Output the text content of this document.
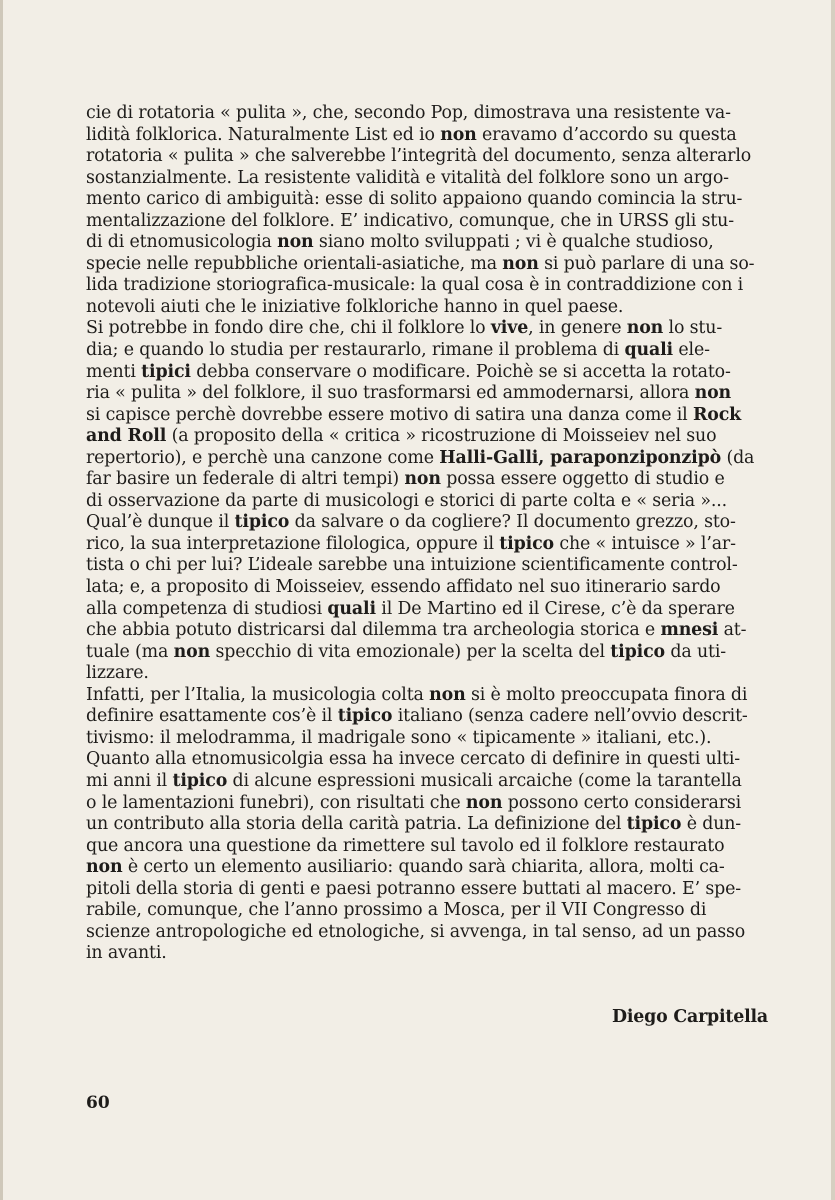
cie di rotatoria « pulita », che, secondo Pop, dimostrava una resistente va-
lidità folklorica. Naturalmente List ed io non eravamo d’accordo su questa
rotatoria « pulita » che salverebbe l’integrità del documento, senza alterarlo
sostanzialmente. La resistente validità e vitalità del folklore sono un argo-
mento carico di ambiguità: esse di solito appaiono quando comincia la stru-
mentalizzazione del folklore. E’ indicativo, comunque, che in URSS gli stu-
di di etnomusicologia non siano molto sviluppati ; vi è qualche studioso,
specie nelle repubbliche orientali-asiatiche, ma non si può parlare di una so-
lida tradizione storiografica-musicale: la qual cosa è in contraddizione con i
notevoli aiuti che le iniziative folkloriche hanno in quel paese.

Si potrebbe in fondo dire che, chi il folklore lo vive, in genere non lo stu-
dia; e quando lo studia per restaurarlo, rimane il problema di quali ele-
menti tipici debba conservare o modificare. Poichè se si accetta la rotato-
ria « pulita » del folklore, il suo trasformarsi ed ammodernarsi, allora non
si capisce perchè dovrebbe essere motivo di satira una danza come il Rock
and Roll (a proposito della « critica » ricostruzione di Moisseiev nel suo
repertorio), e perchè una canzone come Halli-Galli, paraponziponzipò (da
far basire un federale di altri tempi) non possa essere oggetto di studio e
di osservazione da parte di musicologi e storici di parte colta e « seria »...
Qual’è dunque il tipico da salvare o da cogliere? Il documento grezzo, sto-
rico, la sua interpretazione filologica, oppure il tipico che « intuisce » l’ar-
tista o chi per lui? L’ideale sarebbe una intuizione scientificamente control-
lata; e, a proposito di Moisseiev, essendo affidato nel suo itinerario sardo
alla competenza di studiosi quali il De Martino ed il Cirese, c’è da sperare
che abbia potuto districarsi dal dilemma tra archeologia storica e mnesi at-
tuale (ma non specchio di vita emozionale) per la scelta del tipico da uti-
lizzare.

Infatti, per l’Italia, la musicologia colta non si è molto preoccupata finora di
definire esattamente cos’è il tipico italiano (senza cadere nell’ovvio descrit-
tivismo: il melodramma, il madrigale sono « tipicamente » italiani, etc.).
Quanto alla etnomusicolgia essa ha invece cercato di definire in questi ulti-
mi anni il tipico di alcune espressioni musicali arcaiche (come la tarantella
o le lamentazioni funebri), con risultati che non possono certo considerarsi
un contributo alla storia della carità patria. La definizione del tipico è dun-
que ancora una questione da rimettere sul tavolo ed il folklore restaurato
non è certo un elemento ausiliario: quando sarà chiarita, allora, molti ca-
pitoli della storia di genti e paesi potranno essere buttati al macero. E’ spe-
rabile, comunque, che l’anno prossimo a Mosca, per il VII Congresso di
scienze antropologiche ed etnologiche, si avvenga, in tal senso, ad un passo
in avanti.

Diego Carpitella
60
